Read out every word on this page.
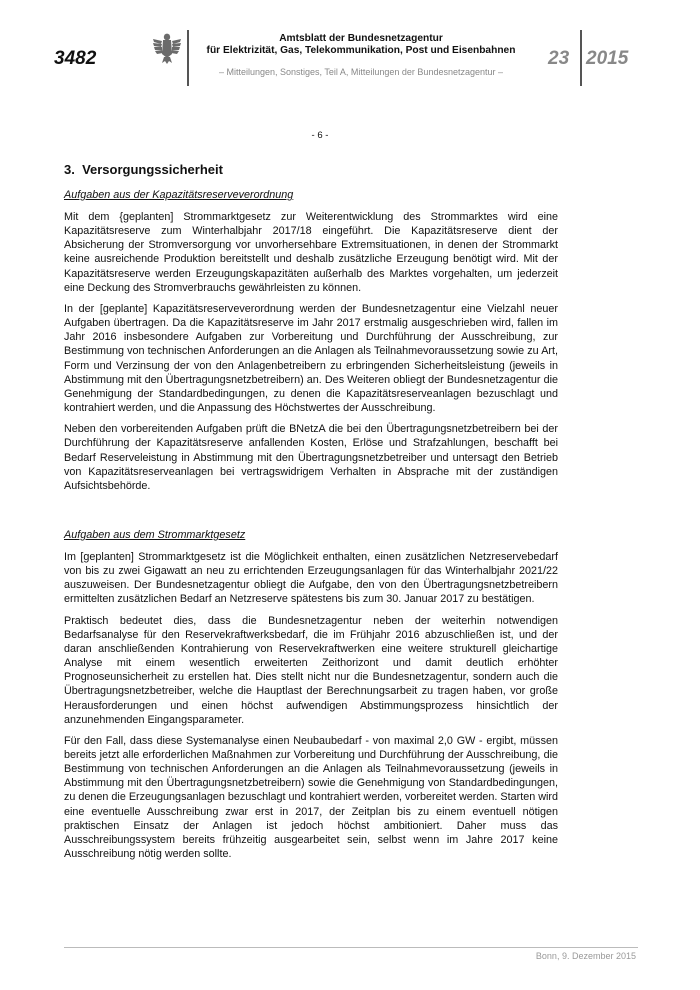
3482
Amtsblatt der Bundesnetzagentur
für Elektrizität, Gas, Telekommunikation, Post und Eisenbahnen
– Mitteilungen, Sonstiges, Teil A, Mitteilungen der Bundesnetzagentur –
23 2015
- 6 -
3.  Versorgungssicherheit
Aufgaben aus der Kapazitätsreserveverordnung

Mit dem {geplanten] Strommarktgesetz zur Weiterentwicklung des Strommarktes wird eine Kapazitätsreserve zum Winterhalbjahr 2017/18 eingeführt. Die Kapazitätsreserve dient der Absicherung der Stromversorgung vor unvorhersehbare Extremsituationen, in denen der Strommarkt keine ausreichende Produktion bereitstellt und deshalb zusätzliche Erzeugung benötigt wird. Mit der Kapazitätsreserve werden Erzeugungskapazitäten außerhalb des Marktes vorgehalten, um jederzeit eine Deckung des Stromverbrauchs gewährleisten zu können.

In der [geplante] Kapazitätsreserveverordnung werden der Bundesnetzagentur eine Vielzahl neuer Aufgaben übertragen. Da die Kapazitätsreserve im Jahr 2017 erstmalig ausgeschrieben wird, fallen im Jahr 2016 insbesondere Aufgaben zur Vorbereitung und Durchführung der Ausschreibung, zur Bestimmung von technischen Anforderungen an die Anlagen als Teilnahmevoraussetzung sowie zu Art, Form und Verzinsung der von den Anlagenbetreibern zu erbringenden Sicherheitsleistung (jeweils in Abstimmung mit den Übertragungsnetzbetreibern) an. Des Weiteren obliegt der Bundesnetzagentur die Genehmigung der Standardbedingungen, zu denen die Kapazitätsreserveanlagen bezuschlagt und kontrahiert werden, und die Anpassung des Höchstwertes der Ausschreibung.

Neben den vorbereitenden Aufgaben prüft die BNetzA die bei den Übertragungsnetzbetreibern bei der Durchführung der Kapazitätsreserve anfallenden Kosten, Erlöse und Strafzahlungen, beschafft bei Bedarf Reserveleistung in Abstimmung mit den Übertragungsnetzbetreiber und untersagt den Betrieb von Kapazitätsreserveanlagen bei vertragswidrigem Verhalten in Absprache mit der zuständigen Aufsichtsbehörde.

Aufgaben aus dem Strommarktgesetz

Im [geplanten] Strommarktgesetz ist die Möglichkeit enthalten, einen zusätzlichen Netzreservebedarf von bis zu zwei Gigawatt an neu zu errichtenden Erzeugungsanlagen für das Winterhalbjahr 2021/22 auszuweisen. Der Bundesnetzagentur obliegt die Aufgabe, den von den Übertragungsnetzbetreibern ermittelten zusätzlichen Bedarf an Netzreserve spätestens bis zum 30. Januar 2017 zu bestätigen.

Praktisch bedeutet dies, dass die Bundesnetzagentur neben der weiterhin notwendigen Bedarfsanalyse für den Reservekraftwerksbedarf, die im Frühjahr 2016 abzuschließen ist, und der daran anschließenden Kontrahierung von Reservekraftwerken eine weitere strukturell gleichartige Analyse mit einem wesentlich erweiterten Zeithorizont und damit deutlich erhöhter Prognoseunsicherheit zu erstellen hat. Dies stellt nicht nur die Bundesnetzagentur, sondern auch die Übertragungsnetzbetreiber, welche die Hauptlast der Berechnungsarbeit zu tragen haben, vor große Herausforderungen und einen höchst aufwendigen Abstimmungsprozess hinsichtlich der anzunehmenden Eingangsparameter.

Für den Fall, dass diese Systemanalyse einen Neubaubedarf - von maximal 2,0 GW - ergibt, müssen bereits jetzt alle erforderlichen Maßnahmen zur Vorbereitung und Durchführung der Ausschreibung, die Bestimmung von technischen Anforderungen an die Anlagen als Teilnahmevoraussetzung (jeweils in Abstimmung mit den Übertragungsnetzbetreibern) sowie die Genehmigung von Standardbedingungen, zu denen die Erzeugungsanlagen bezuschlagt und kontrahiert werden, vorbereitet werden. Starten wird eine eventuelle Ausschreibung zwar erst in 2017, der Zeitplan bis zu einem eventuell nötigen praktischen Einsatz der Anlagen ist jedoch höchst ambitioniert. Daher muss das Ausschreibungssystem bereits frühzeitig ausgearbeitet sein, selbst wenn im Jahre 2017 keine Ausschreibung nötig werden sollte.

Bonn, 9. Dezember 2015
